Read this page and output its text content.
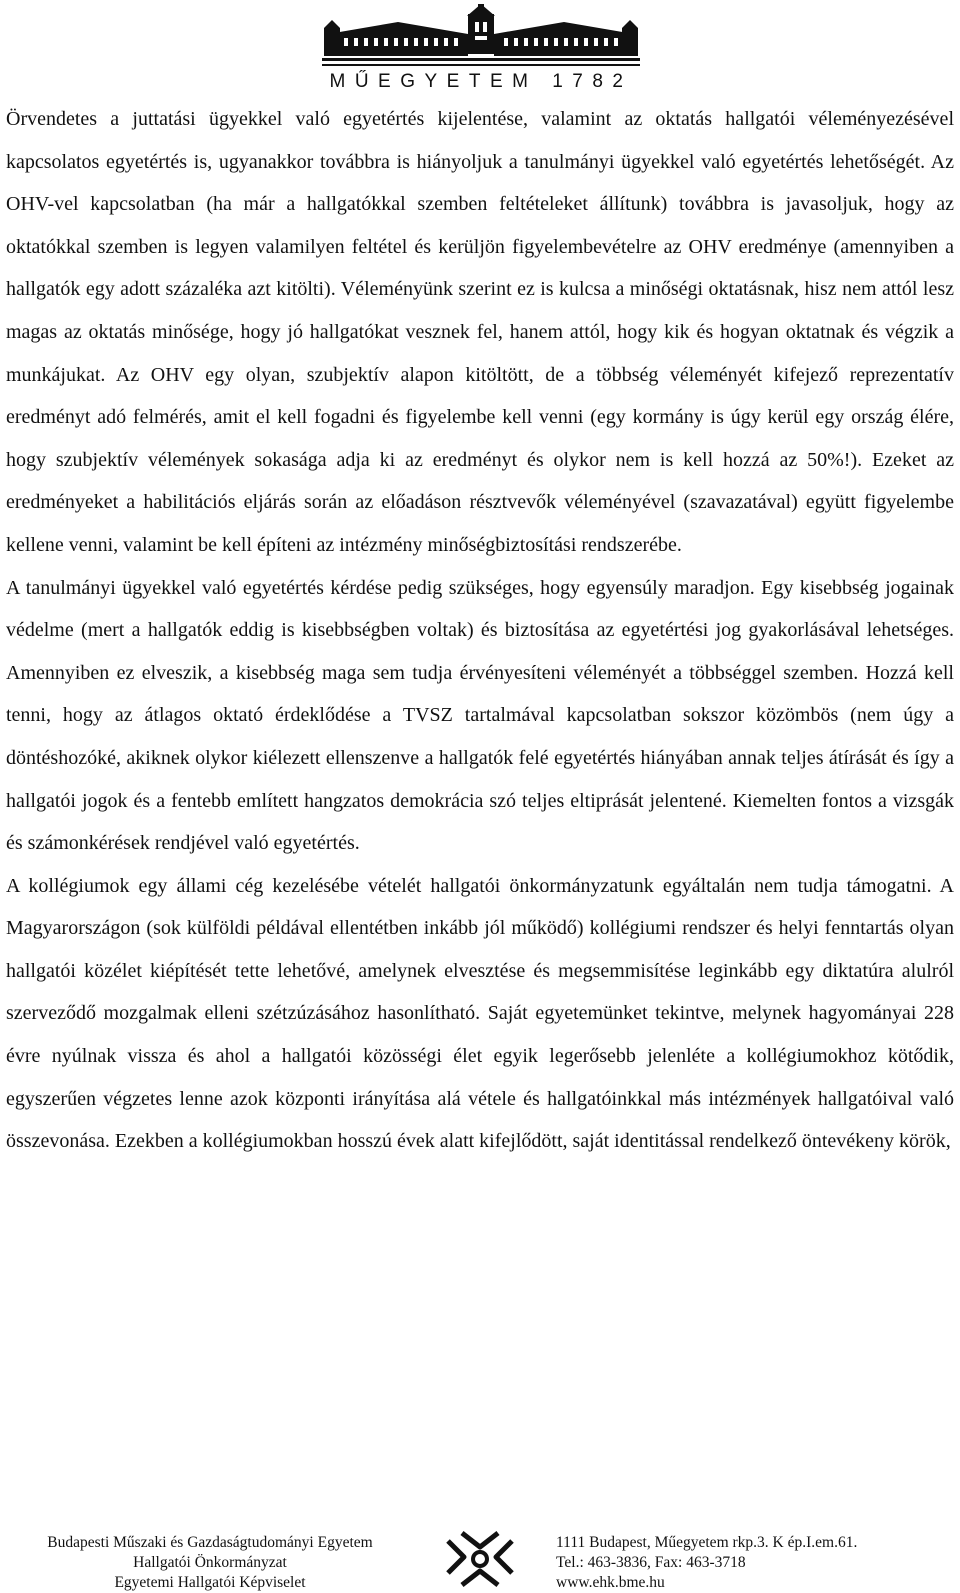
MŰEGYETEM 1782

Örvendetes a juttatási ügyekkel való egyetértés kijelentése, valamint az oktatás hallgatói véleményezésével kapcsolatos egyetértés is, ugyanakkor továbbra is hiányoljuk a tanulmányi ügyekkel való egyetértés lehetőségét. Az OHV-vel kapcsolatban (ha már a hallgatókkal szemben feltételeket állítunk) továbbra is javasoljuk, hogy az oktatókkal szemben is legyen valamilyen feltétel és kerüljön figyelembevételre az OHV eredménye (amennyiben a hallgatók egy adott százaléka azt kitölti). Véleményünk szerint ez is kulcsa a minőségi oktatásnak, hisz nem attól lesz magas az oktatás minősége, hogy jó hallgatókat vesznek fel, hanem attól, hogy kik és hogyan oktatnak és végzik a munkájukat. Az OHV egy olyan, szubjektív alapon kitöltött, de a többség véleményét kifejező reprezentatív eredményt adó felmérés, amit el kell fogadni és figyelembe kell venni (egy kormány is úgy kerül egy ország élére, hogy szubjektív vélemények sokasága adja ki az eredményt és olykor nem is kell hozzá az 50%!). Ezeket az eredményeket a habilitációs eljárás során az előadáson résztvevők véleményével (szavazatával) együtt figyelembe kellene venni, valamint be kell építeni az intézmény minőségbiztosítási rendszerébe.

A tanulmányi ügyekkel való egyetértés kérdése pedig szükséges, hogy egyensúly maradjon. Egy kisebbség jogainak védelme (mert a hallgatók eddig is kisebbségben voltak) és biztosítása az egyetértési jog gyakorlásával lehetséges. Amennyiben ez elveszik, a kisebbség maga sem tudja érvényesíteni véleményét a többséggel szemben. Hozzá kell tenni, hogy az átlagos oktató érdeklődése a TVSZ tartalmával kapcsolatban sokszor közömbös (nem úgy a döntéshozóké, akiknek olykor kiélezett ellenszenve a hallgatók felé egyetértés hiányában annak teljes átírását és így a hallgatói jogok és a fentebb említett hangzatos demokrácia szó teljes eltiprását jelentené. Kiemelten fontos a vizsgák és számonkérések rendjével való egyetértés.

A kollégiumok egy állami cég kezelésébe vételét hallgatói önkormányzatunk egyáltalán nem tudja támogatni. A Magyarországon (sok külföldi példával ellentétben inkább jól működő) kollégiumi rendszer és helyi fenntartás olyan hallgatói közélet kiépítését tette lehetővé, amelynek elvesztése és megsemmisítése leginkább egy diktatúra alulról szerveződő mozgalmak elleni szétzúzásához hasonlítható. Saját egyetemünket tekintve, melynek hagyományai 228 évre nyúlnak vissza és ahol a hallgatói közösségi élet egyik legerősebb jelenléte a kollégiumokhoz kötődik, egyszerűen végzetes lenne azok központi irányítása alá vétele és hallgatóinkkal más intézmények hallgatóival való összevonása. Ezekben a kollégiumokban hosszú évek alatt kifejlődött, saját identitással rendelkező öntevékeny körök,

Budapesti Műszaki és Gazdaságtudományi Egyetem
Hallgatói Önkormányzat
Egyetemi Hallgatói Képviselet
1111 Budapest, Műegyetem rkp.3. K ép.I.em.61.
Tel.: 463-3836, Fax: 463-3718
www.ehk.bme.hu
